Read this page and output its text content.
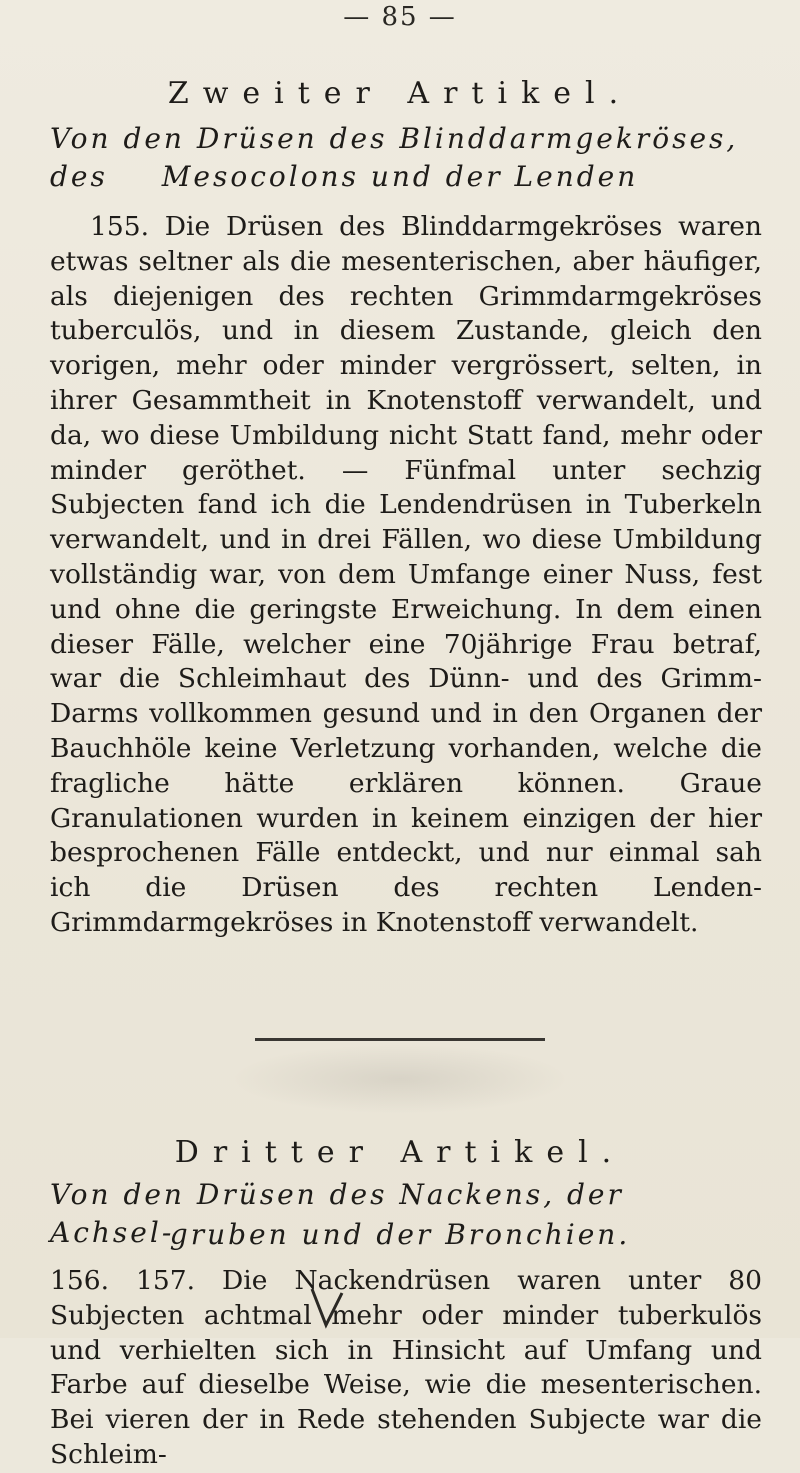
— 85 —
Zweiter Artikel.
Von den Drüsen des Blinddarmgekröses, des	Mesocolons und der Lenden
155. Die Drüsen des Blinddarmgekröses waren etwas seltner als die mesenterischen, aber häufiger, als diejenigen des rechten Grimmdarmgekröses tuberculös, und in diesem Zustande, gleich den vorigen, mehr oder minder vergrössert, selten, in ihrer Gesammtheit in Knotenstoff verwandelt, und da, wo diese Umbildung nicht Statt fand, mehr oder minder geröthet. — Fünfmal unter sechzig Subjecten fand ich die Lendendrüsen in Tuberkeln verwandelt, und in drei Fällen, wo diese Umbildung vollständig war, von dem Umfange einer Nuss, fest und ohne die geringste Erweichung. In dem einen dieser Fälle, welcher eine 70jährige Frau betraf, war die Schleimhaut des Dünn- und des Grimm-Darms vollkommen gesund und in den Organen der Bauchhöle keine Verletzung vorhanden, welche die fragliche hätte erklären können. Graue Granulationen wurden in keinem einzigen der hier besprochenen Fälle entdeckt, und nur einmal sah ich die Drüsen des rechten Lenden-Grimmdarmgekröses in Knotenstoff verwandelt.
Dritter Artikel.
Von den Drüsen des Nackens, der Achsel-
gruben und der Bronchien.
156. 157. Die Nackendrüsen waren unter 80 Subjecten achtmal mehr oder minder tuberkulös und verhielten sich in Hinsicht auf Umfang und Farbe auf dieselbe Weise, wie die mesenterischen. Bei vieren der in Rede stehenden Subjecte war die Schleim-
